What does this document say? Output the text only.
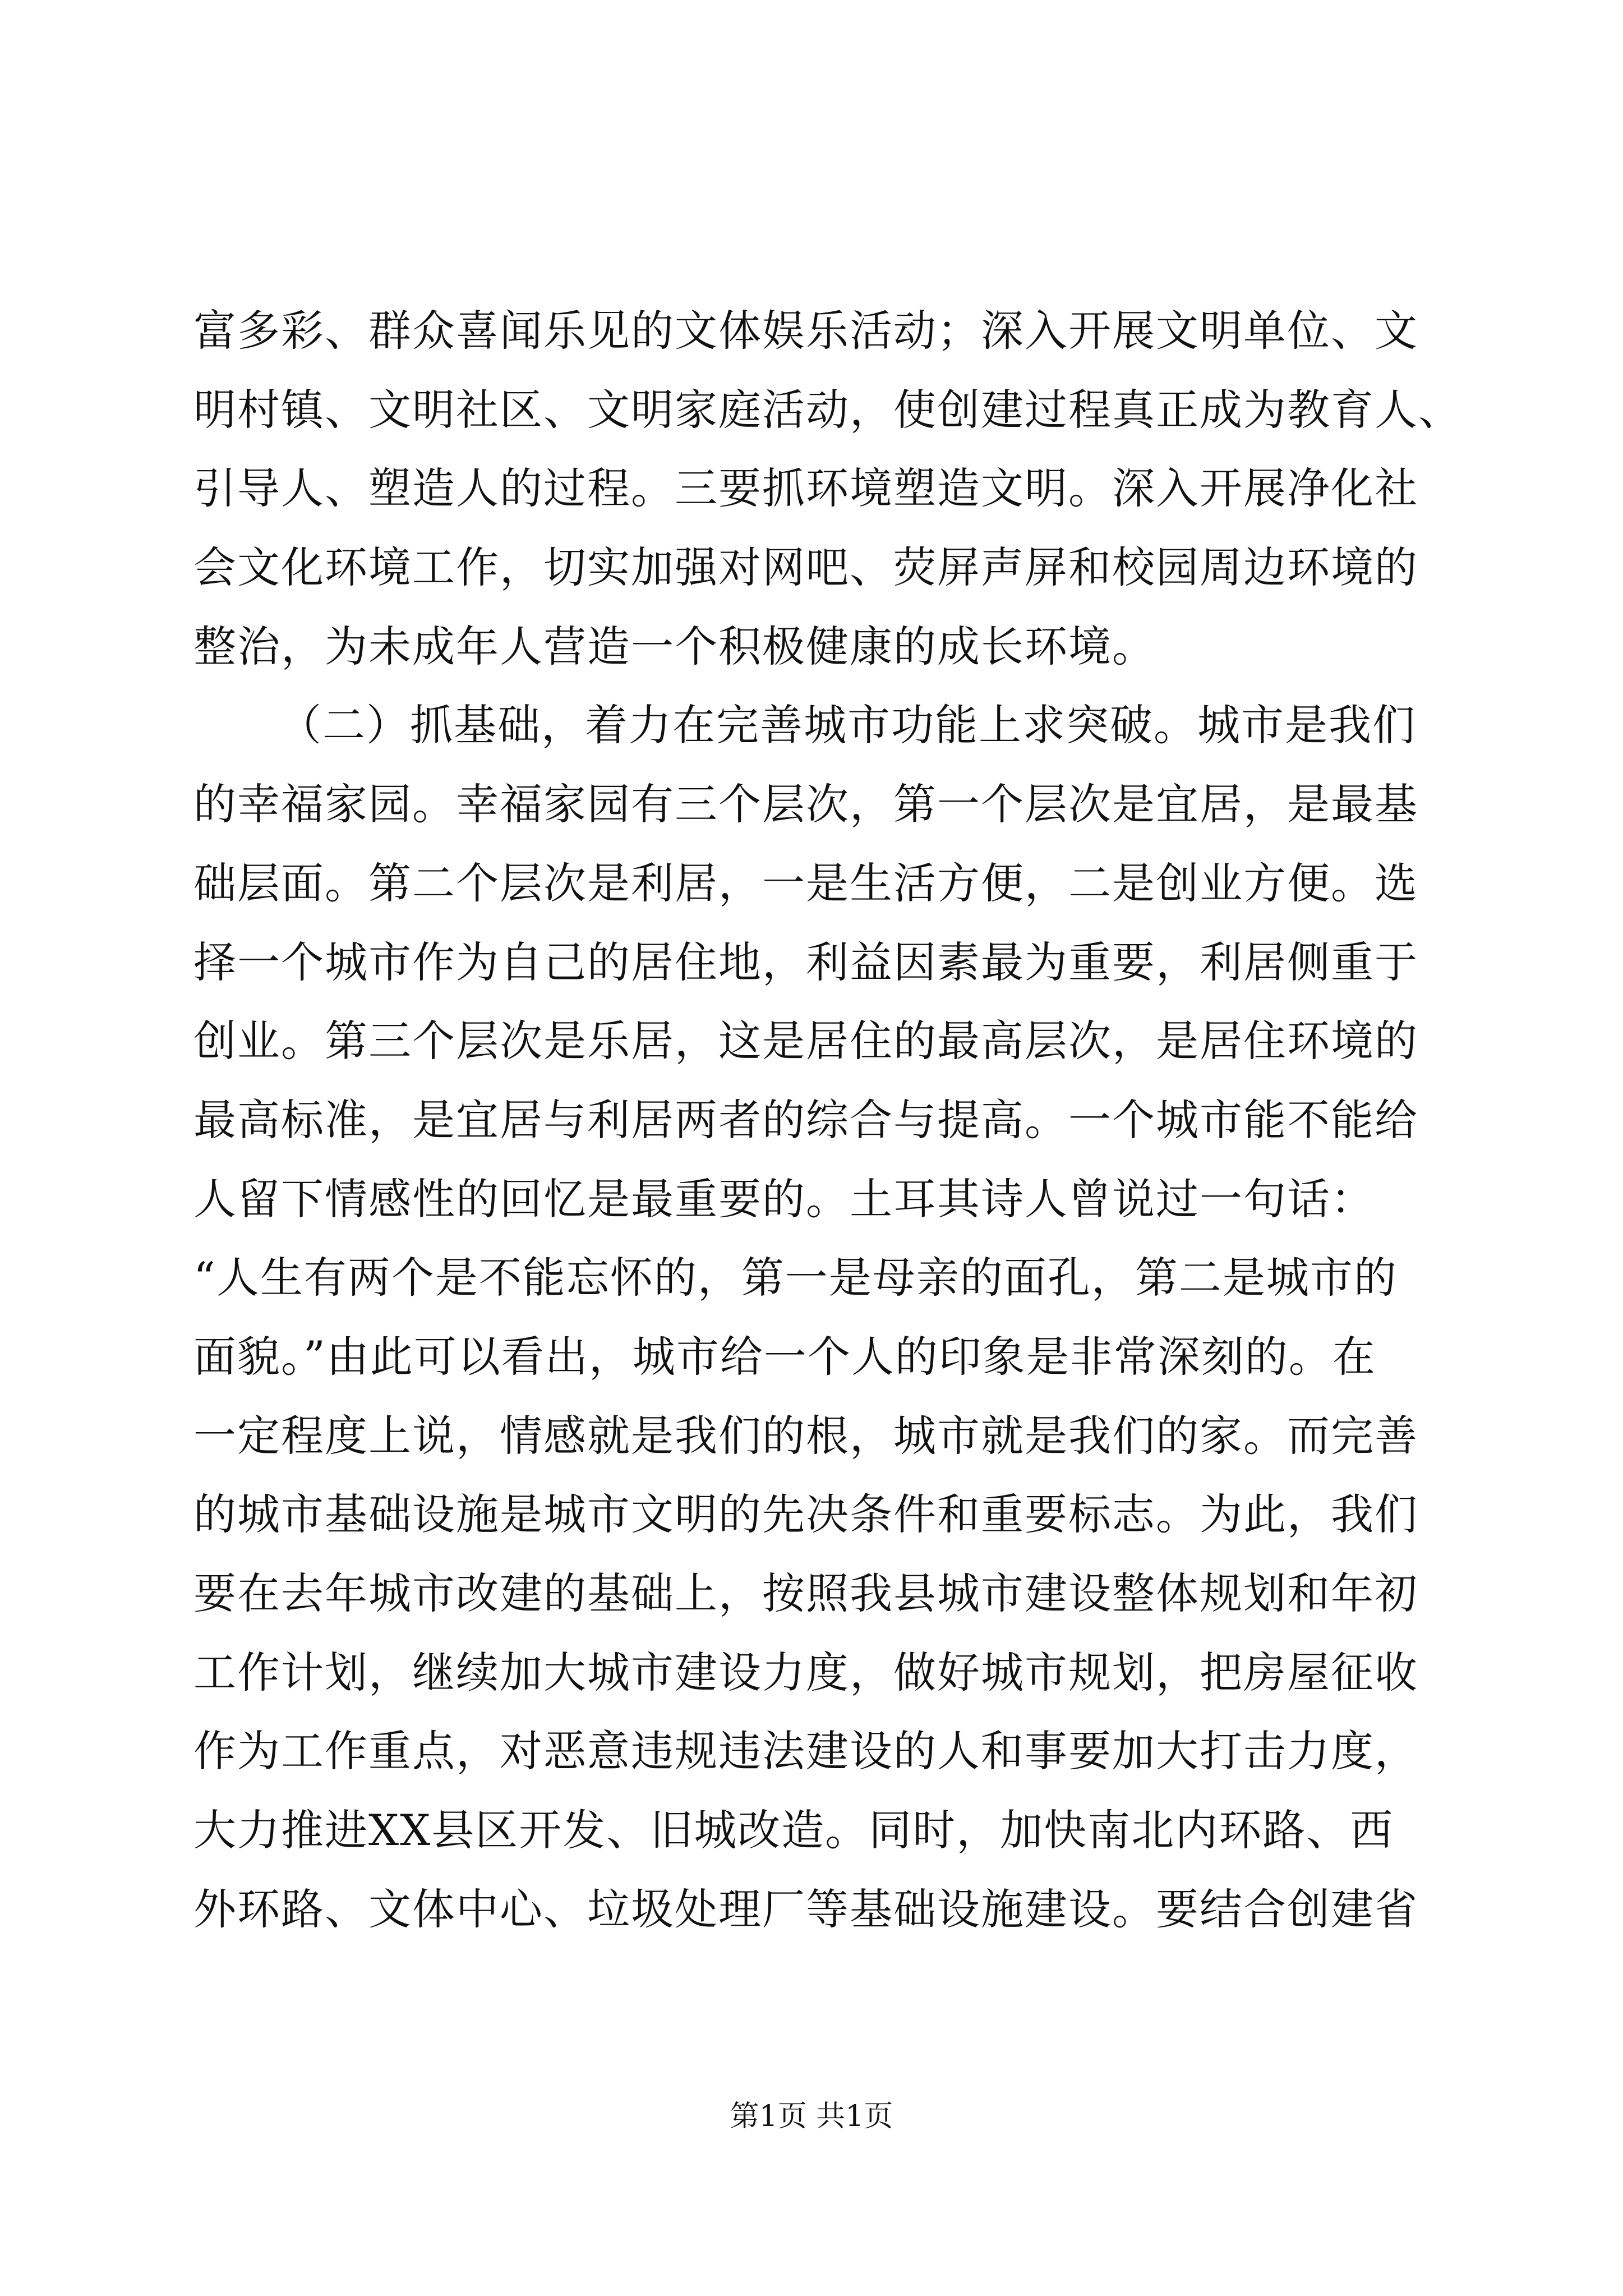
富多彩、群众喜闻乐见的文体娱乐活动；深入开展文明单位、文
明村镇、文明社区、文明家庭活动，使创建过程真正成为教育人、
引导人、塑造人的过程。三要抓环境塑造文明。深入开展净化社
会文化环境工作，切实加强对网吧、荧屏声屏和校园周边环境的
整治，为未成年人营造一个积极健康的成长环境。
（二）抓基础，着力在完善城市功能上求突破。城市是我们
的幸福家园。幸福家园有三个层次，第一个层次是宜居，是最基
础层面。第二个层次是利居，一是生活方便，二是创业方便。选
择一个城市作为自己的居住地，利益因素最为重要，利居侧重于
创业。第三个层次是乐居，这是居住的最高层次，是居住环境的
最高标准，是宜居与利居两者的综合与提高。一个城市能不能给
人留下情感性的回忆是最重要的。土耳其诗人曾说过一句话：
“人生有两个是不能忘怀的，第一是母亲的面孔，第二是城市的
面貌。”由此可以看出，城市给一个人的印象是非常深刻的。在
一定程度上说，情感就是我们的根，城市就是我们的家。而完善
的城市基础设施是城市文明的先决条件和重要标志。为此，我们
要在去年城市改建的基础上，按照我县城市建设整体规划和年初
工作计划，继续加大城市建设力度，做好城市规划，把房屋征收
作为工作重点，对恶意违规违法建设的人和事要加大打击力度，
大力推进XX县区开发、旧城改造。同时，加快南北内环路、西
外环路、文体中心、垃圾处理厂等基础设施建设。要结合创建省
第1页 共1页
